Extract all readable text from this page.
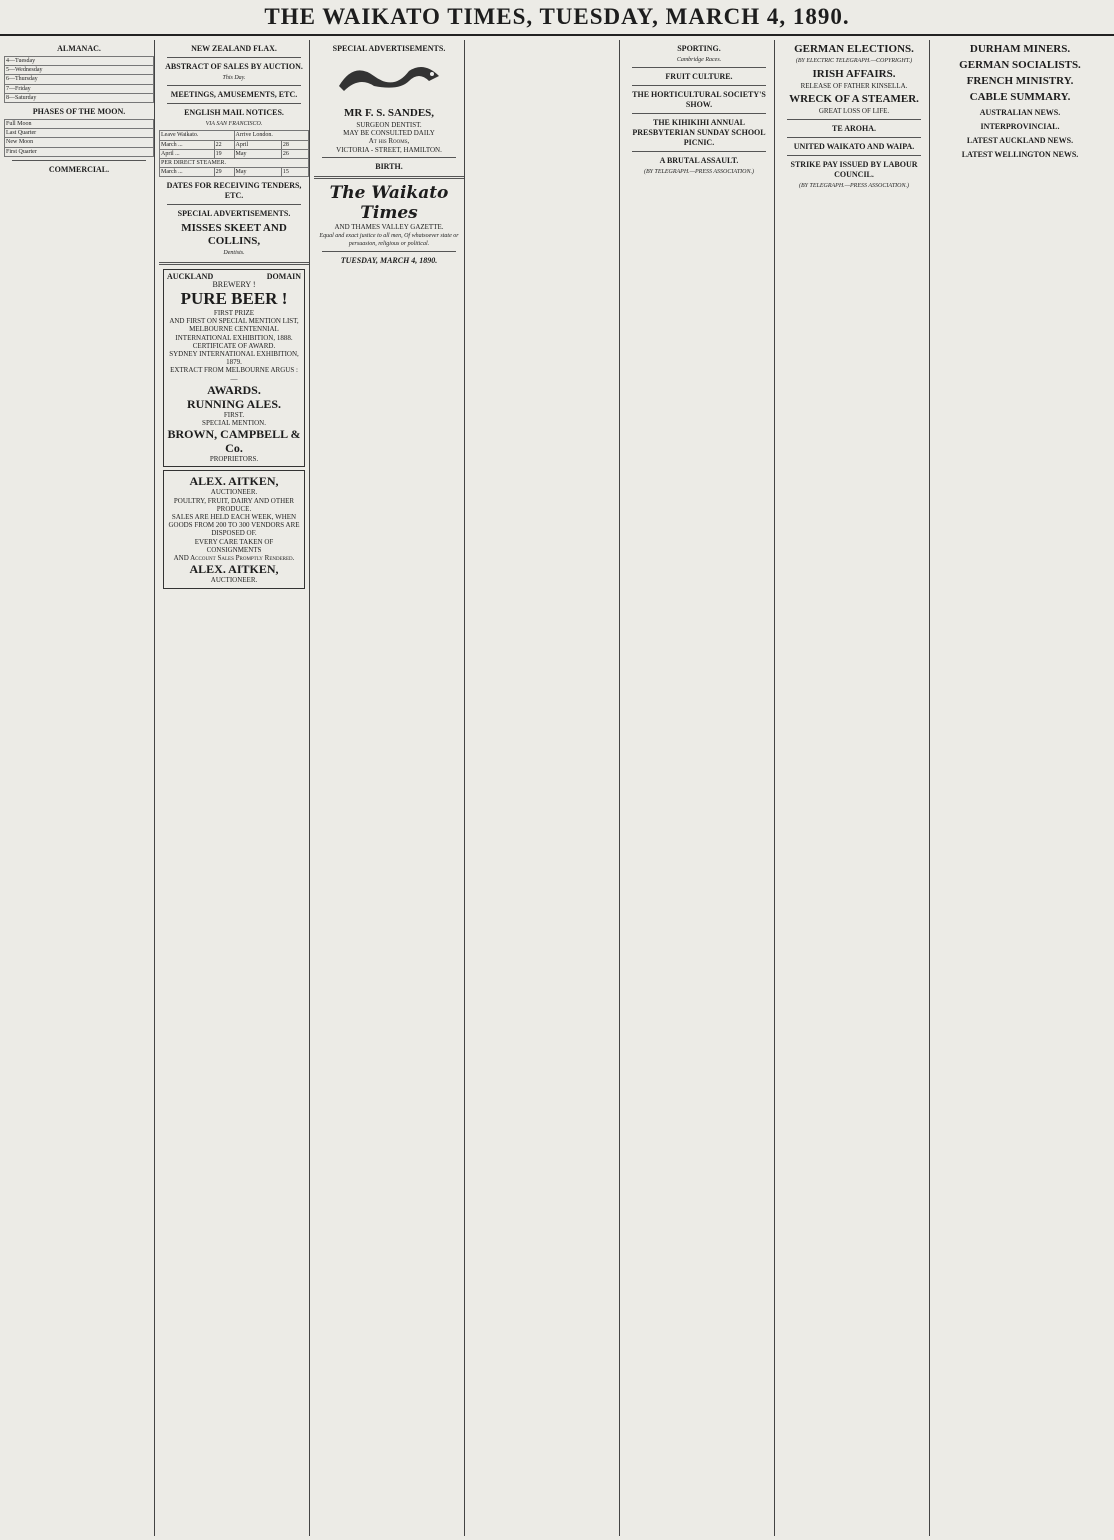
THE WAIKATO TIMES, TUESDAY, MARCH 4, 1890.
ALMANAC.
4—Tuesday
5—Wednesday
6—Thursday
7—Friday
8—Saturday
PHASES OF THE MOON.
Full Moon
Last Quarter
New Moon
First Quarter
COMMERCIAL.
NEW ZEALAND FLAX.
ABSTRACT OF SALES BY AUCTION.
This Day.
MEETINGS, AMUSEMENTS, ETC.
ENGLISH MAIL NOTICES.
VIA SAN FRANCISCO.
Leave Waikato.		Arrive London.	
March ...	22	April	28
April ...	19	May	26
PER DIRECT STEAMER.			
March ...	29	May	15
DATES FOR RECEIVING TENDERS, ETC.
SPECIAL ADVERTISEMENTS.
MISSES SKEET AND COLLINS,
Dentists.
AUCKLAND	DOMAIN
BREWERY !
PURE BEER !
FIRST PRIZE
AND FIRST ON SPECIAL MENTION LIST,
MELBOURNE CENTENNIAL INTERNATIONAL EXHIBITION, 1888.
CERTIFICATE OF AWARD.
SYDNEY INTERNATIONAL EXHIBITION, 1879.
EXTRACT FROM MELBOURNE ARGUS :—
AWARDS.
RUNNING ALES.
FIRST.
SPECIAL MENTION.
BROWN, CAMPBELL & Co.
PROPRIETORS.
ALEX. AITKEN,
AUCTIONEER.
POULTRY, FRUIT, DAIRY AND OTHER PRODUCE.
SALES ARE HELD EACH WEEK, WHEN GOODS FROM 200 TO 300 VENDORS ARE DISPOSED OF.
EVERY CARE TAKEN OF CONSIGNMENTS
AND Account Sales Promptly Rendered.
ALEX. AITKEN,
AUCTIONEER.
SPECIAL ADVERTISEMENTS.
MR F. S. SANDES,
SURGEON DENTIST.
MAY BE CONSULTED DAILY
At his Rooms,
VICTORIA - STREET, HAMILTON.
BIRTH.
The Waikato Times
AND THAMES VALLEY GAZETTE.
Equal and exact justice to all men, Of whatsoever state or persuasion, religious or political.
TUESDAY, MARCH 4, 1890.
SPORTING.
Cambridge Races.
FRUIT CULTURE.
THE HORTICULTURAL SOCIETY'S SHOW.
THE KIHIKIHI ANNUAL PRESBYTERIAN SUNDAY SCHOOL PICNIC.
A BRUTAL ASSAULT.
(BY TELEGRAPH.—PRESS ASSOCIATION.)
GERMAN ELECTIONS.
(BY ELECTRIC TELEGRAPH.—COPYRIGHT.)
IRISH AFFAIRS.
RELEASE OF FATHER KINSELLA.
WRECK OF A STEAMER.
GREAT LOSS OF LIFE.
TE AROHA.
UNITED WAIKATO AND WAIPA.
STRIKE PAY ISSUED BY LABOUR COUNCIL.
(BY TELEGRAPH.—PRESS ASSOCIATION.)
DURHAM MINERS.
GERMAN SOCIALISTS.
FRENCH MINISTRY.
CABLE SUMMARY.
AUSTRALIAN NEWS.
INTERPROVINCIAL.
LATEST AUCKLAND NEWS.
LATEST WELLINGTON NEWS.
